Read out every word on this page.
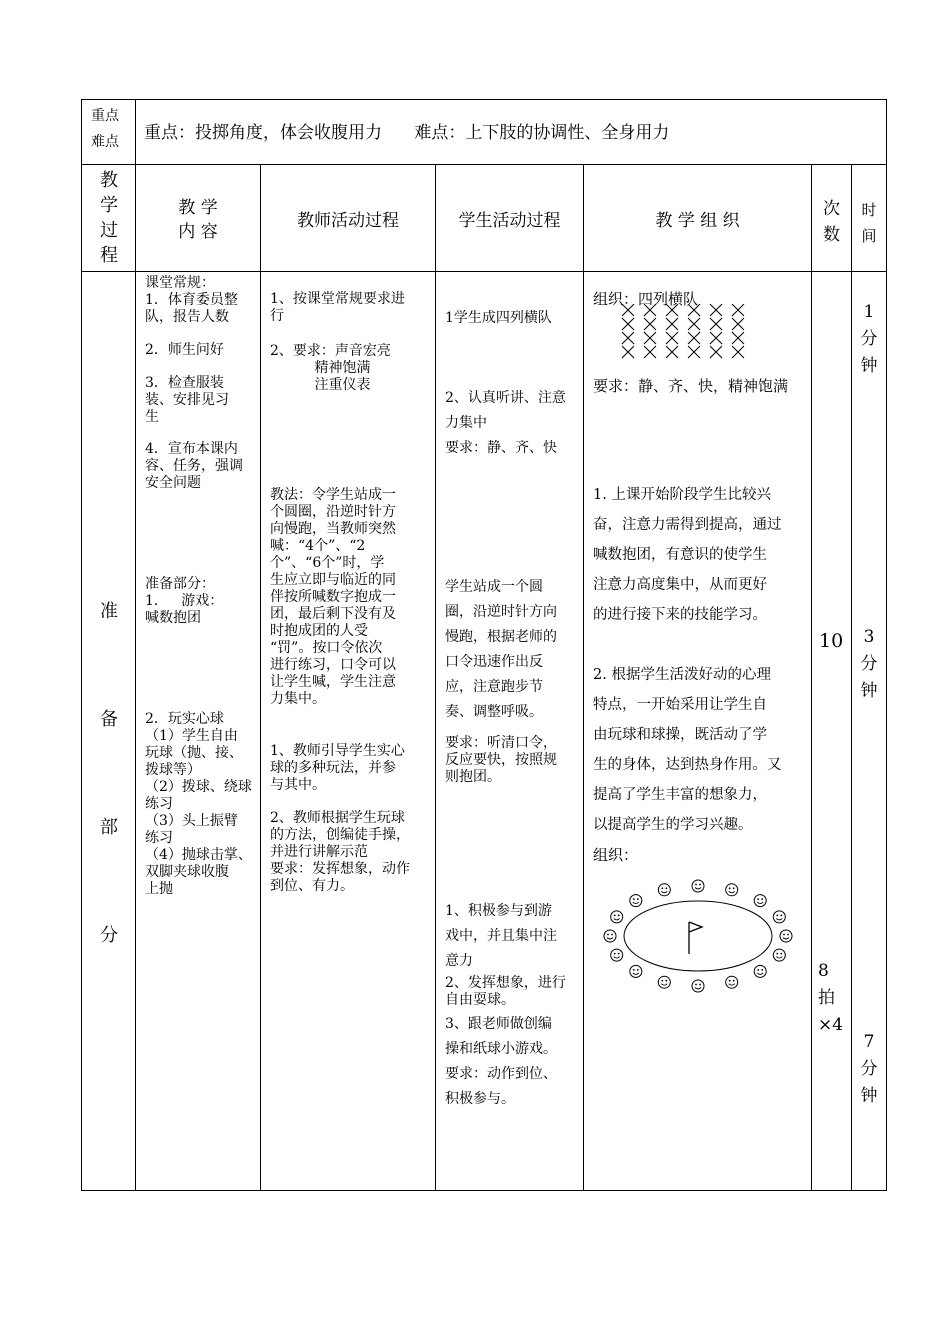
重点
难点 重点：投掷角度，体会收腹用力      难点：上下肢的协调性、全身用力
教
学
过
程
教 学
内 容
教师活动过程	学生活动过程	教 学 组 织
次
数
时
间
准
备
部
分
课堂常规：
1．体育委员整
队，报告人数
2．师生问好
3．检查服装
装、安排见习
生
4．宣布本课内
容、任务，强调
安全问题
准备部分：
1．   游戏：
喊数抱团
2．玩实心球
（1）学生自由
玩球（抛、接、
拨球等）
（2）拨球、绕球
练习
（3）头上振臂
练习
（4）抛球击掌、
双脚夹球收腹
上抛
1、按课堂常规要求进
行
2、要求：声音宏亮
精神饱满
注重仪表
教法：令学生站成一
个圆圈，沿逆时针方
向慢跑，当教师突然
喊：“4个”、“2
个”、“6个”时，学
生应立即与临近的同
伴按所喊数字抱成一
团，最后剩下没有及
时抱成团的人受
“罚”。按口令依次
进行练习，口令可以
让学生喊，学生注意
力集中。
1、教师引导学生实心
球的多种玩法，并参
与其中。
2、教师根据学生玩球
的方法，创编徒手操，
并进行讲解示范
要求：发挥想象，动作
到位、有力。
1学生成四列横队
2、认真听讲、注意
力集中
要求：静、齐、快
学生站成一个圆
圈，沿逆时针方向
慢跑，根据老师的
口令迅速作出反
应，注意跑步节
奏、调整呼吸。
要求：听清口令，
反应要快，按照规
则抱团。
1、积极参与到游
戏中，并且集中注
意力
2、发挥想象，进行
自由耍球。
3、跟老师做创编
操和纸球小游戏。
要求：动作到位、
积极参与。
组织：四列横队
要求：静、齐、快，精神饱满
1. 上课开始阶段学生比较兴
奋，注意力需得到提高，通过
喊数抱团，有意识的使学生
注意力高度集中，从而更好
的进行接下来的技能学习。
2. 根据学生活泼好动的心理
特点，一开始采用让学生自
由玩球和球操，既活动了学
生的身体，达到热身作用。又
提高了学生丰富的想象力，
以提高学生的学习兴趣。
组织：
10
8
拍
×4
1
分
钟
3
分
钟
7
分
钟
